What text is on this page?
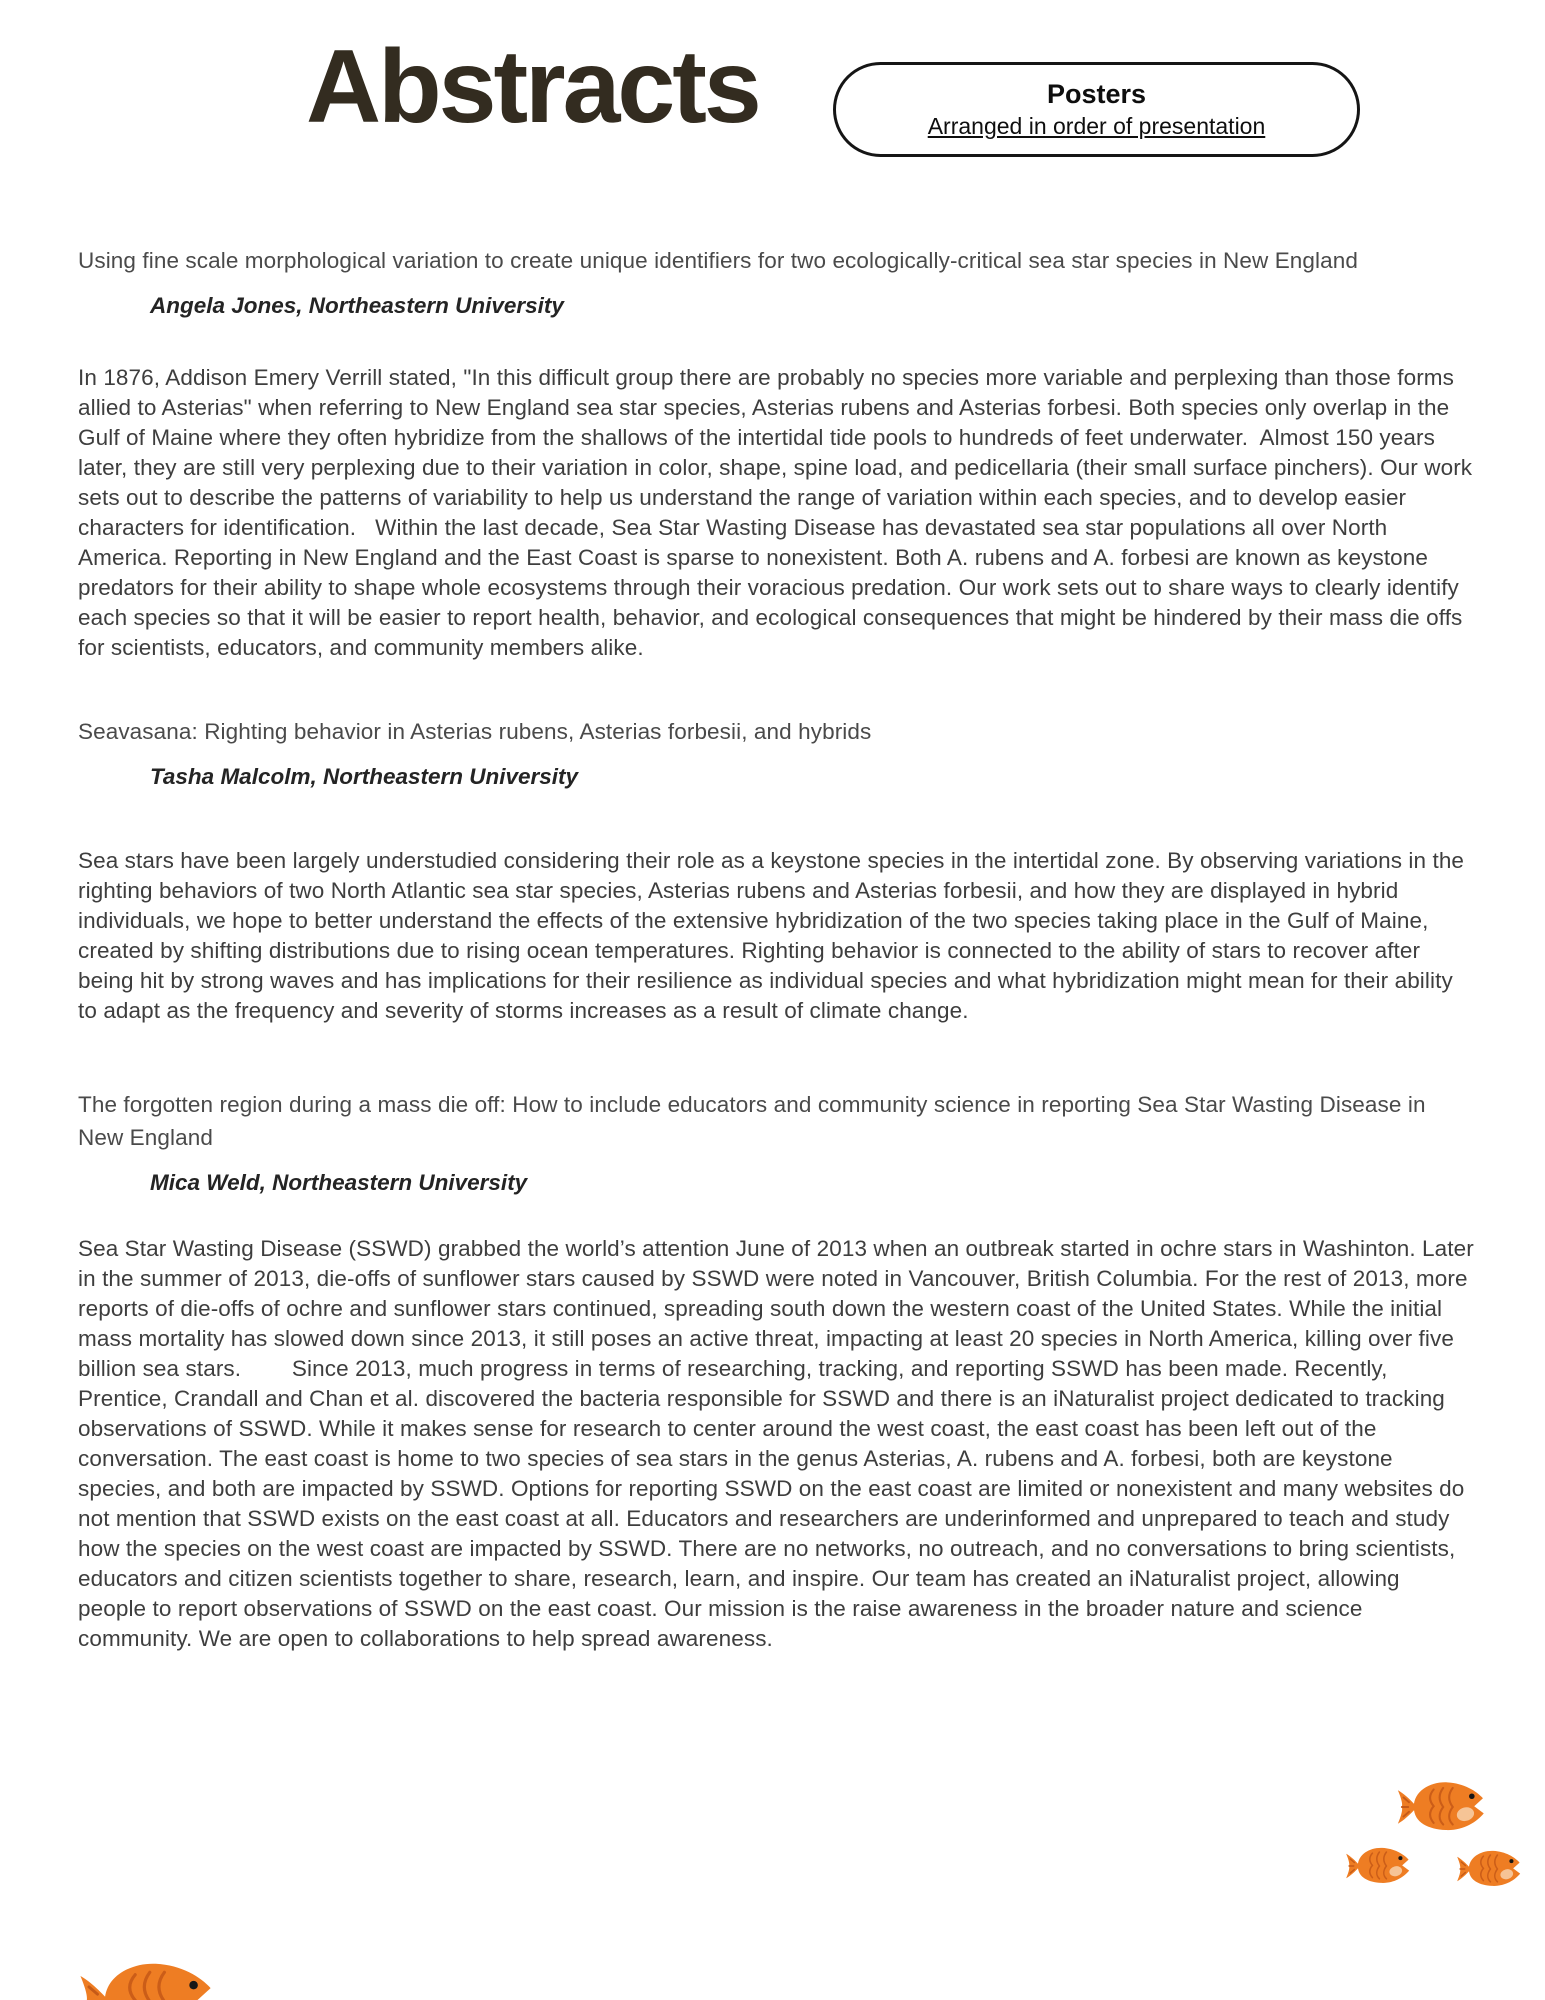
Abstracts	Posters
Arranged in order of presentation
Using fine scale morphological variation to create unique identifiers for two ecologically-critical sea star species in New England

Angela Jones, Northeastern University

In 1876, Addison Emery Verrill stated, "In this difficult group there are probably no species more variable and perplexing than those forms allied to Asterias" when referring to New England sea star species, Asterias rubens and Asterias forbesi. Both species only overlap in the Gulf of Maine where they often hybridize from the shallows of the intertidal tide pools to hundreds of feet underwater.  Almost 150 years later, they are still very perplexing due to their variation in color, shape, spine load, and pedicellaria (their small surface pinchers). Our work sets out to describe the patterns of variability to help us understand the range of variation within each species, and to develop easier characters for identification.   Within the last decade, Sea Star Wasting Disease has devastated sea star populations all over North America. Reporting in New England and the East Coast is sparse to nonexistent. Both A. rubens and A. forbesi are known as keystone predators for their ability to shape whole ecosystems through their voracious predation. Our work sets out to share ways to clearly identify each species so that it will be easier to report health, behavior, and ecological consequences that might be hindered by their mass die offs for scientists, educators, and community members alike.

Seavasana: Righting behavior in Asterias rubens, Asterias forbesii, and hybrids

Tasha Malcolm, Northeastern University

Sea stars have been largely understudied considering their role as a keystone species in the intertidal zone. By observing variations in the righting behaviors of two North Atlantic sea star species, Asterias rubens and Asterias forbesii, and how they are displayed in hybrid individuals, we hope to better understand the effects of the extensive hybridization of the two species taking place in the Gulf of Maine, created by shifting distributions due to rising ocean temperatures. Righting behavior is connected to the ability of stars to recover after being hit by strong waves and has implications for their resilience as individual species and what hybridization might mean for their ability to adapt as the frequency and severity of storms increases as a result of climate change.

The forgotten region during a mass die off: How to include educators and community science in reporting Sea Star Wasting Disease in New England

Mica Weld, Northeastern University

Sea Star Wasting Disease (SSWD) grabbed the world’s attention June of 2013 when an outbreak started in ochre stars in Washinton. Later in the summer of 2013, die-offs of sunflower stars caused by SSWD were noted in Vancouver, British Columbia. For the rest of 2013, more reports of die-offs of ochre and sunflower stars continued, spreading south down the western coast of the United States. While the initial mass mortality has slowed down since 2013, it still poses an active threat, impacting at least 20 species in North America, killing over five billion sea stars.        Since 2013, much progress in terms of researching, tracking, and reporting SSWD has been made. Recently, Prentice, Crandall and Chan et al. discovered the bacteria responsible for SSWD and there is an iNaturalist project dedicated to tracking observations of SSWD. While it makes sense for research to center around the west coast, the east coast has been left out of the conversation. The east coast is home to two species of sea stars in the genus Asterias, A. rubens and A. forbesi, both are keystone species, and both are impacted by SSWD. Options for reporting SSWD on the east coast are limited or nonexistent and many websites do not mention that SSWD exists on the east coast at all. Educators and researchers are underinformed and unprepared to teach and study how the species on the west coast are impacted by SSWD. There are no networks, no outreach, and no conversations to bring scientists, educators and citizen scientists together to share, research, learn, and inspire. Our team has created an iNaturalist project, allowing people to report observations of SSWD on the east coast. Our mission is the raise awareness in the broader nature and science community. We are open to collaborations to help spread awareness.
